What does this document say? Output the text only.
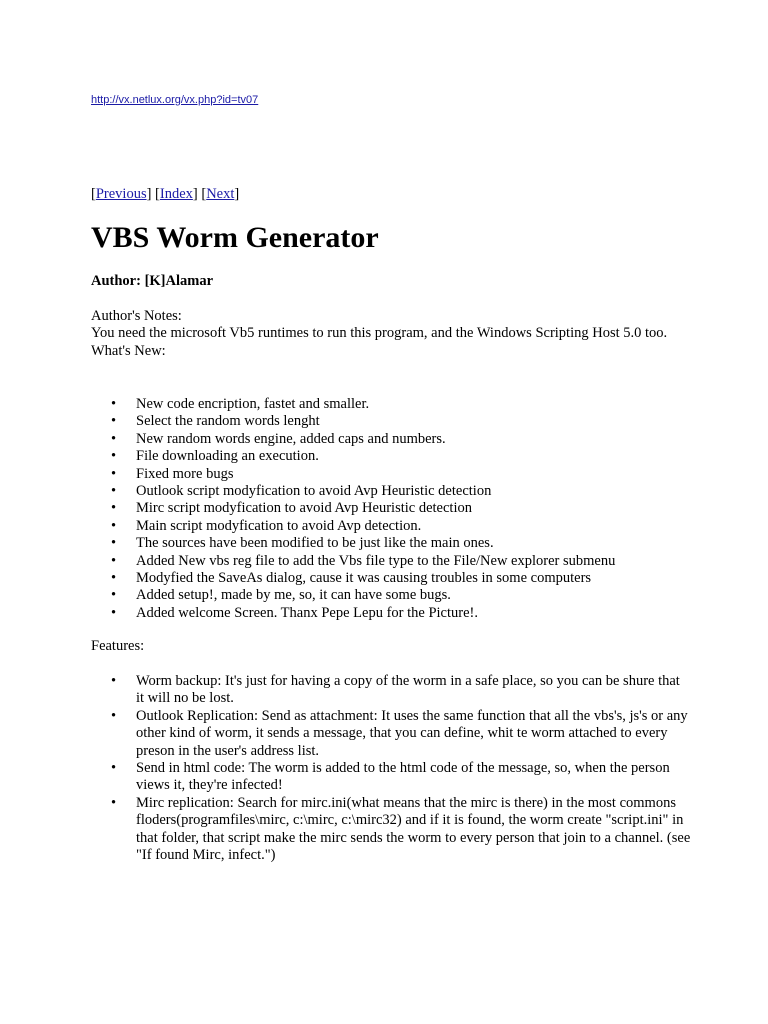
http://vx.netlux.org/vx.php?id=tv07
[Previous] [Index] [Next]
VBS Worm Generator
Author: [K]Alamar

Author's Notes:

You need the microsoft Vb5 runtimes to run this program, and the Windows Scripting Host 5.0 too.

What's New:

• New code encription, fastet and smaller.
• Select the random words lenght
• New random words engine, added caps and numbers.
• File downloading an execution.
• Fixed more bugs
• Outlook script modyfication to avoid Avp Heuristic detection
• Mirc script modyfication to avoid Avp Heuristic detection
• Main script modyfication to avoid Avp detection.
• The sources have been modified to be just like the main ones.
• Added New vbs reg file to add the Vbs file type to the File/New explorer submenu
• Modyfied the SaveAs dialog, cause it was causing troubles in some computers
• Added setup!, made by me, so, it can have some bugs.
• Added welcome Screen. Thanx Pepe Lepu for the Picture!.
Features:
• Worm backup: It's just for having a copy of the worm in a safe place, so you can be shure that it will no be lost.
• Outlook Replication: Send as attachment: It uses the same function that all the vbs's, js's or any other kind of worm, it sends a message, that you can define, whit te worm attached to every preson in the user's address list.
• Send in html code: The worm is added to the html code of the message, so, when the person views it, they're infected!
• Mirc replication: Search for mirc.ini(what means that the mirc is there) in the most commons floders(programfiles\mirc, c:\mirc, c:\mirc32) and if it is found, the worm create "script.ini" in that folder, that script make the mirc sends the worm to every person that join to a channel. (see "If found Mirc, infect.")
